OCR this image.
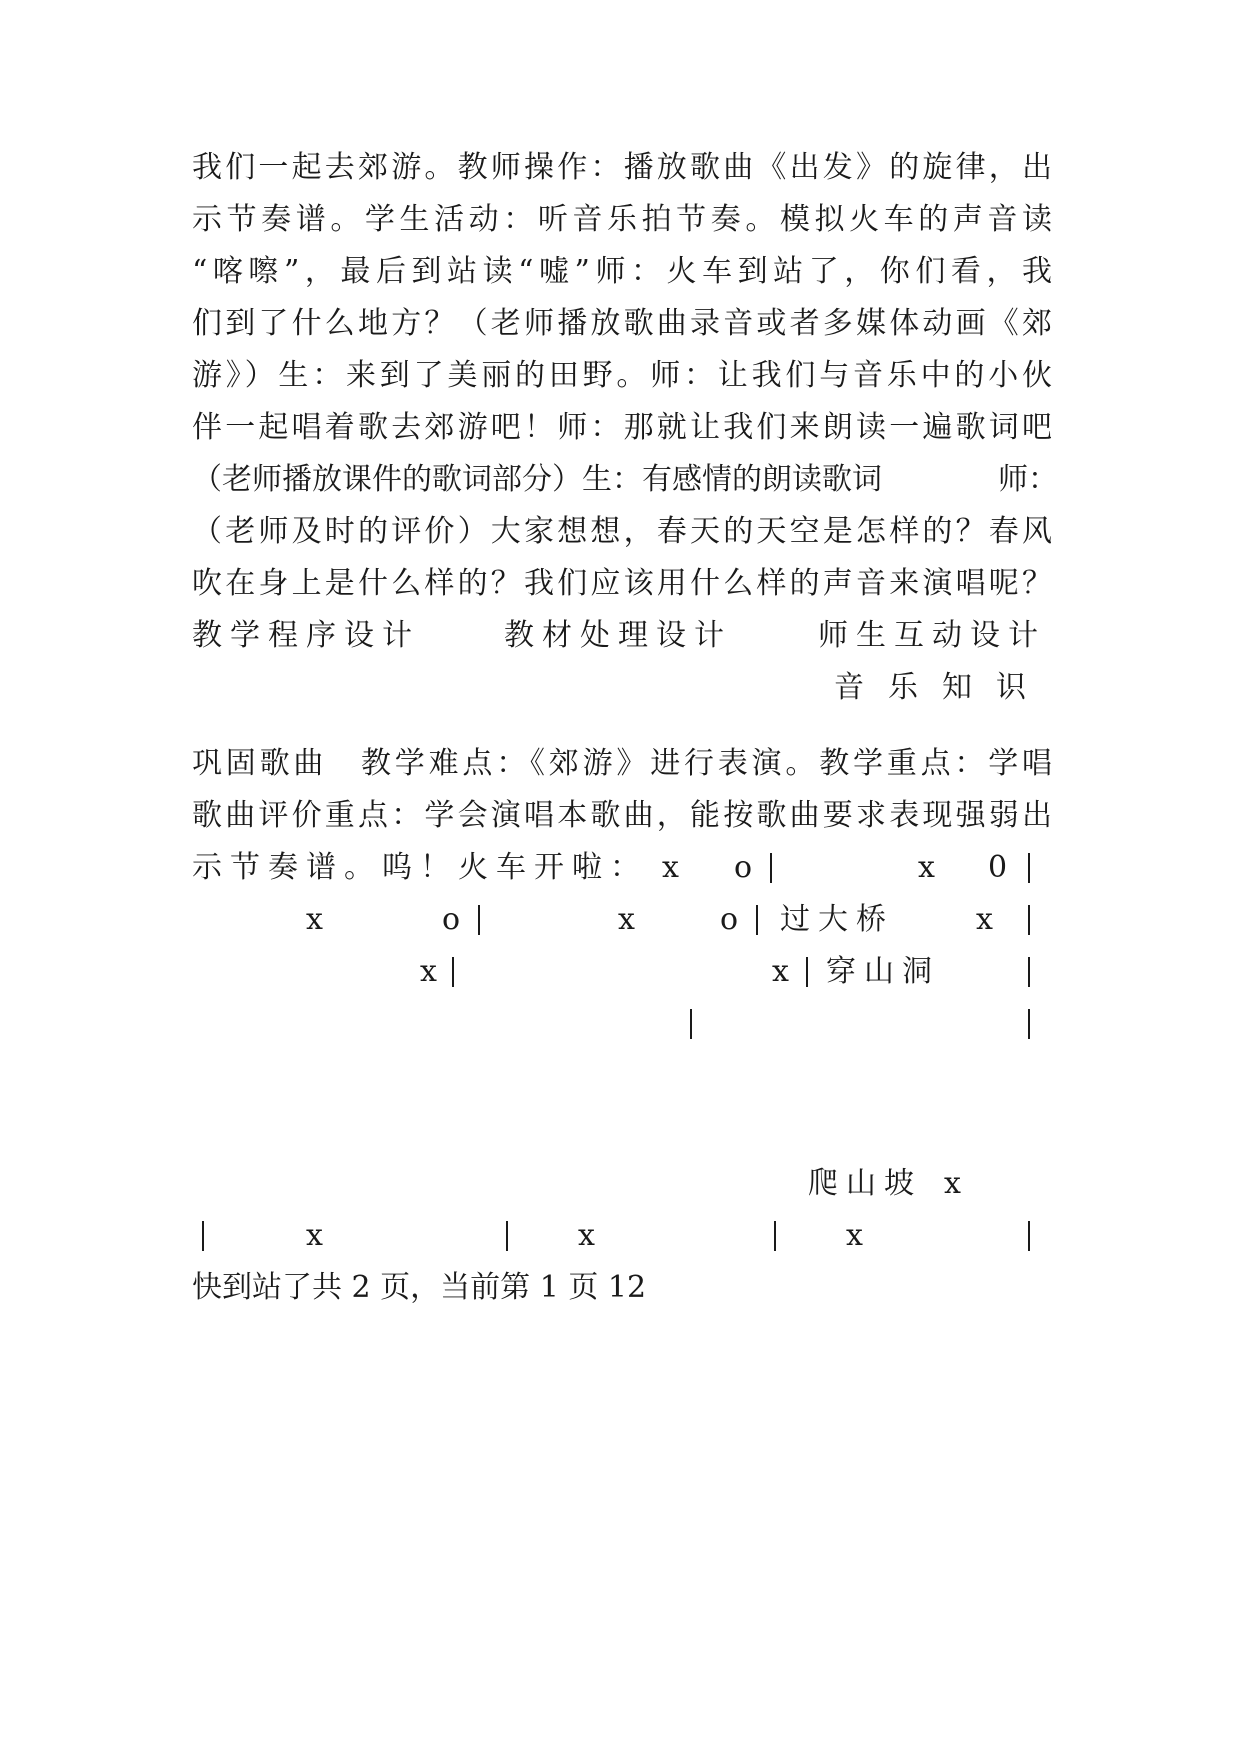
我们一起去郊游。教师操作：播放歌曲《出发》的旋律，出
示节奏谱。学生活动：听音乐拍节奏。模拟火车的声音读
“喀嚓”，最后到站读“嘘”师：火车到站了，你们看，我
们到了什么地方？（老师播放歌曲录音或者多媒体动画《郊
游》）生：来到了美丽的田野。师：让我们与音乐中的小伙
伴一起唱着歌去郊游吧！师：那就让我们来朗读一遍歌词吧
（老师播放课件的歌词部分）生：有感情的朗读歌词	师：
（老师及时的评价）大家想想，春天的天空是怎样的？春风
吹在身上是什么样的？我们应该用什么样的声音来演唱呢？
教学程序设计	教材处理设计	师生互动设计
音乐知识
巩固歌曲　教学难点：《郊游》进行表演。教学重点：学唱
歌曲评价重点：学会演唱本歌曲，能按歌曲要求表现强弱出
示节奏谱。呜！火车开啦： x o	x 0
x	o	x	o 过大桥	x
x	x 穿山洞
爬山坡 x
x	x	x
快到站了共 2 页，当前第 1 页 12
